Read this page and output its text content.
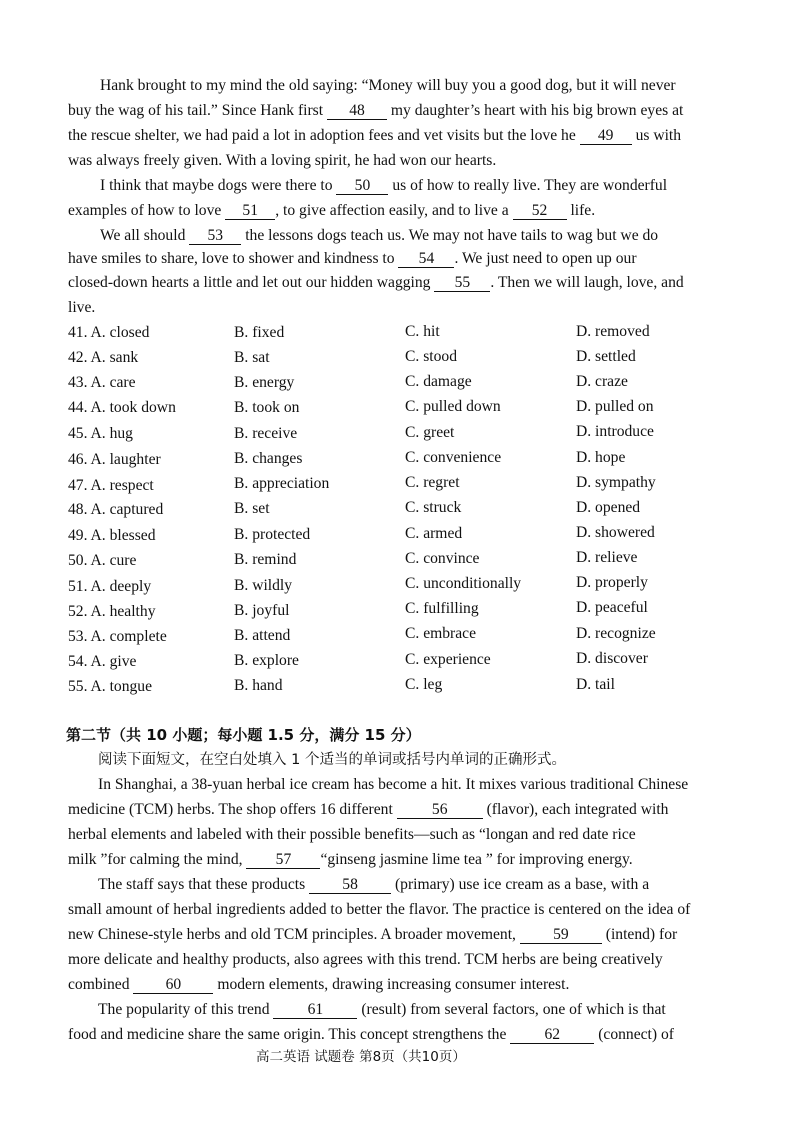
Hank brought to my mind the old saying: “Money will buy you a good dog, but it will never
buy the wag of his tail.” Since Hank first 48 my daughter’s heart with his big brown eyes at
the rescue shelter, we had paid a lot in adoption fees and vet visits but the love he 49 us with
was always freely given. With a loving spirit, he had won our hearts.
I think that maybe dogs were there to 50 us of how to really live. They are wonderful
examples of how to love 51 , to give affection easily, and to live a 52 life.
We all should 53 the lessons dogs teach us. We may not have tails to wag but we do
have smiles to share, love to shower and kindness to 54 . We just need to open up our
closed-down hearts a little and let out our hidden wagging 55 . Then we will laugh, love, and
live.
41. A. closed	B. fixed	C. hit	D. removed
42. A. sank	B. sat	C. stood	D. settled
43. A. care	B. energy	C. damage	D. craze
44. A. took down	B. took on	C. pulled down	D. pulled on
45. A. hug	B. receive	C. greet	D. introduce
46. A. laughter	B. changes	C. convenience	D. hope
47. A. respect	B. appreciation	C. regret	D. sympathy
48. A. captured	B. set	C. struck	D. opened
49. A. blessed	B. protected	C. armed	D. showered
50. A. cure	B. remind	C. convince	D. relieve
51. A. deeply	B. wildly	C. unconditionally	D. properly
52. A. healthy	B. joyful	C. fulfilling	D. peaceful
53. A. complete	B. attend	C. embrace	D. recognize
54. A. give	B. explore	C. experience	D. discover
55. A. tongue	B. hand	C. leg	D. tail
第二节（共 10 小题；每小题 1.5 分，满分 15 分）
阅读下面短文，在空白处填入 1 个适当的单词或括号内单词的正确形式。
In Shanghai, a 38-yuan herbal ice cream has become a hit. It mixes various traditional Chinese
medicine (TCM) herbs. The shop offers 16 different	56	(flavor), each integrated with
herbal elements and labeled with their possible benefits—such as “longan and red date rice
milk ”for calming the mind, 57 “ginseng jasmine lime tea ” for improving energy.
The staff says that these products 58 (primary) use ice cream as a base, with a
small amount of herbal ingredients added to better the flavor. The practice is centered on the idea of
new Chinese-style herbs and old TCM principles. A broader movement, 59 (intend) for
more delicate and healthy products, also agrees with this trend. TCM herbs are being creatively
combined 60 modern elements, drawing increasing consumer interest.
The popularity of this trend 61 (result) from several factors, one of which is that
food and medicine share the same origin. This concept strengthens the 62 (connect) of
高二英语 试题卷 第8页（共10页）
